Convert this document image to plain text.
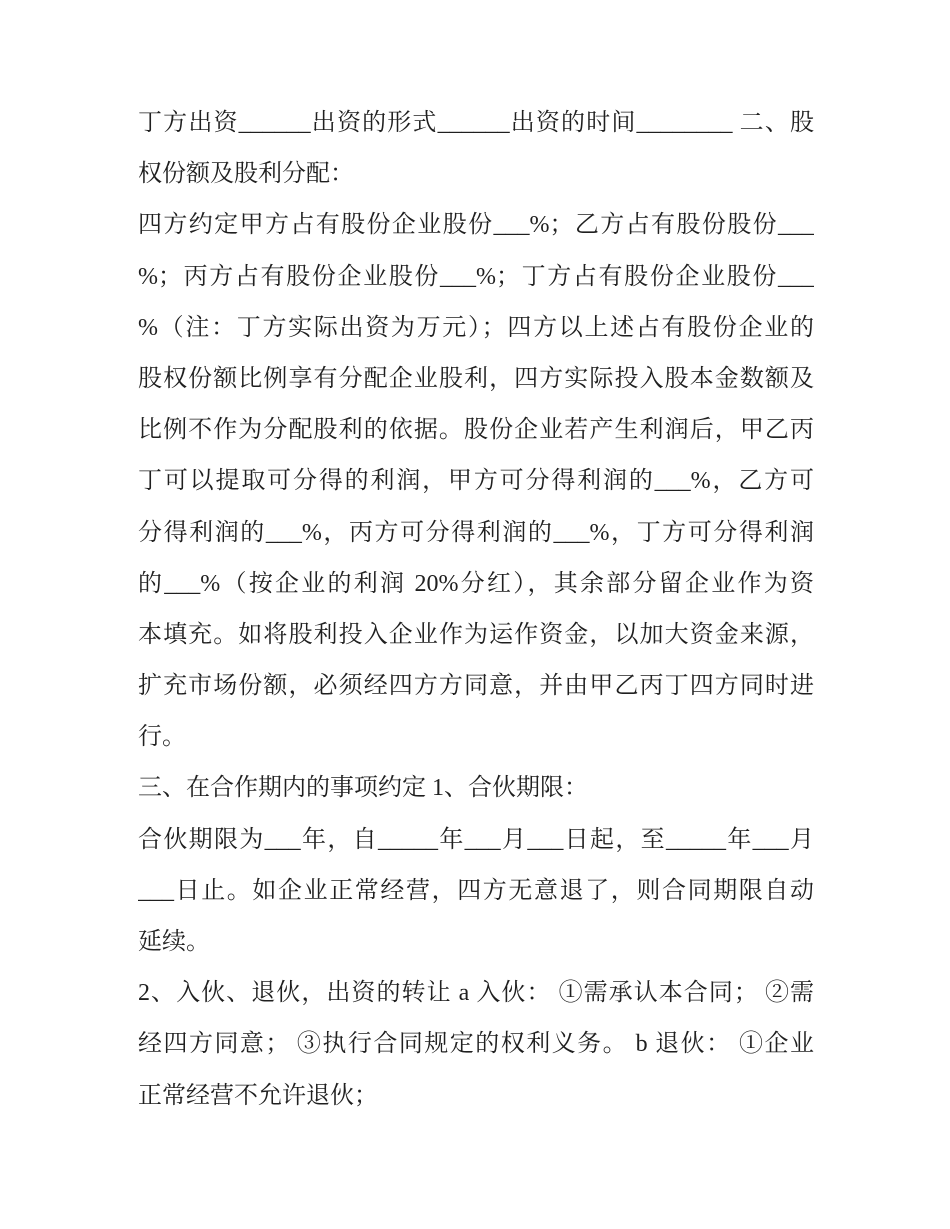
丁方出资______出资的形式______出资的时间________ 二、股
权份额及股利分配：
四方约定甲方占有股份企业股份___%；乙方占有股份股份___
%；丙方占有股份企业股份___%；丁方占有股份企业股份___
%（注：丁方实际出资为万元）；四方以上述占有股份企业的
股权份额比例享有分配企业股利，四方实际投入股本金数额及
比例不作为分配股利的依据。股份企业若产生利润后，甲乙丙
丁可以提取可分得的利润，甲方可分得利润的___%，乙方可
分得利润的___%，丙方可分得利润的___%，丁方可分得利润
的___%（按企业的利润 20%分红），其余部分留企业作为资
本填充。如将股利投入企业作为运作资金，以加大资金来源，
扩充市场份额，必须经四方方同意，并由甲乙丙丁四方同时进
行。
三、在合作期内的事项约定 1、合伙期限：
合伙期限为___年，自_____年___月___日起，至_____年___月
___日止。如企业正常经营，四方无意退了，则合同期限自动
延续。
2、入伙、退伙，出资的转让 a 入伙： ①需承认本合同； ②需
经四方同意； ③执行合同规定的权利义务。 b 退伙： ①企业
正常经营不允许退伙；
